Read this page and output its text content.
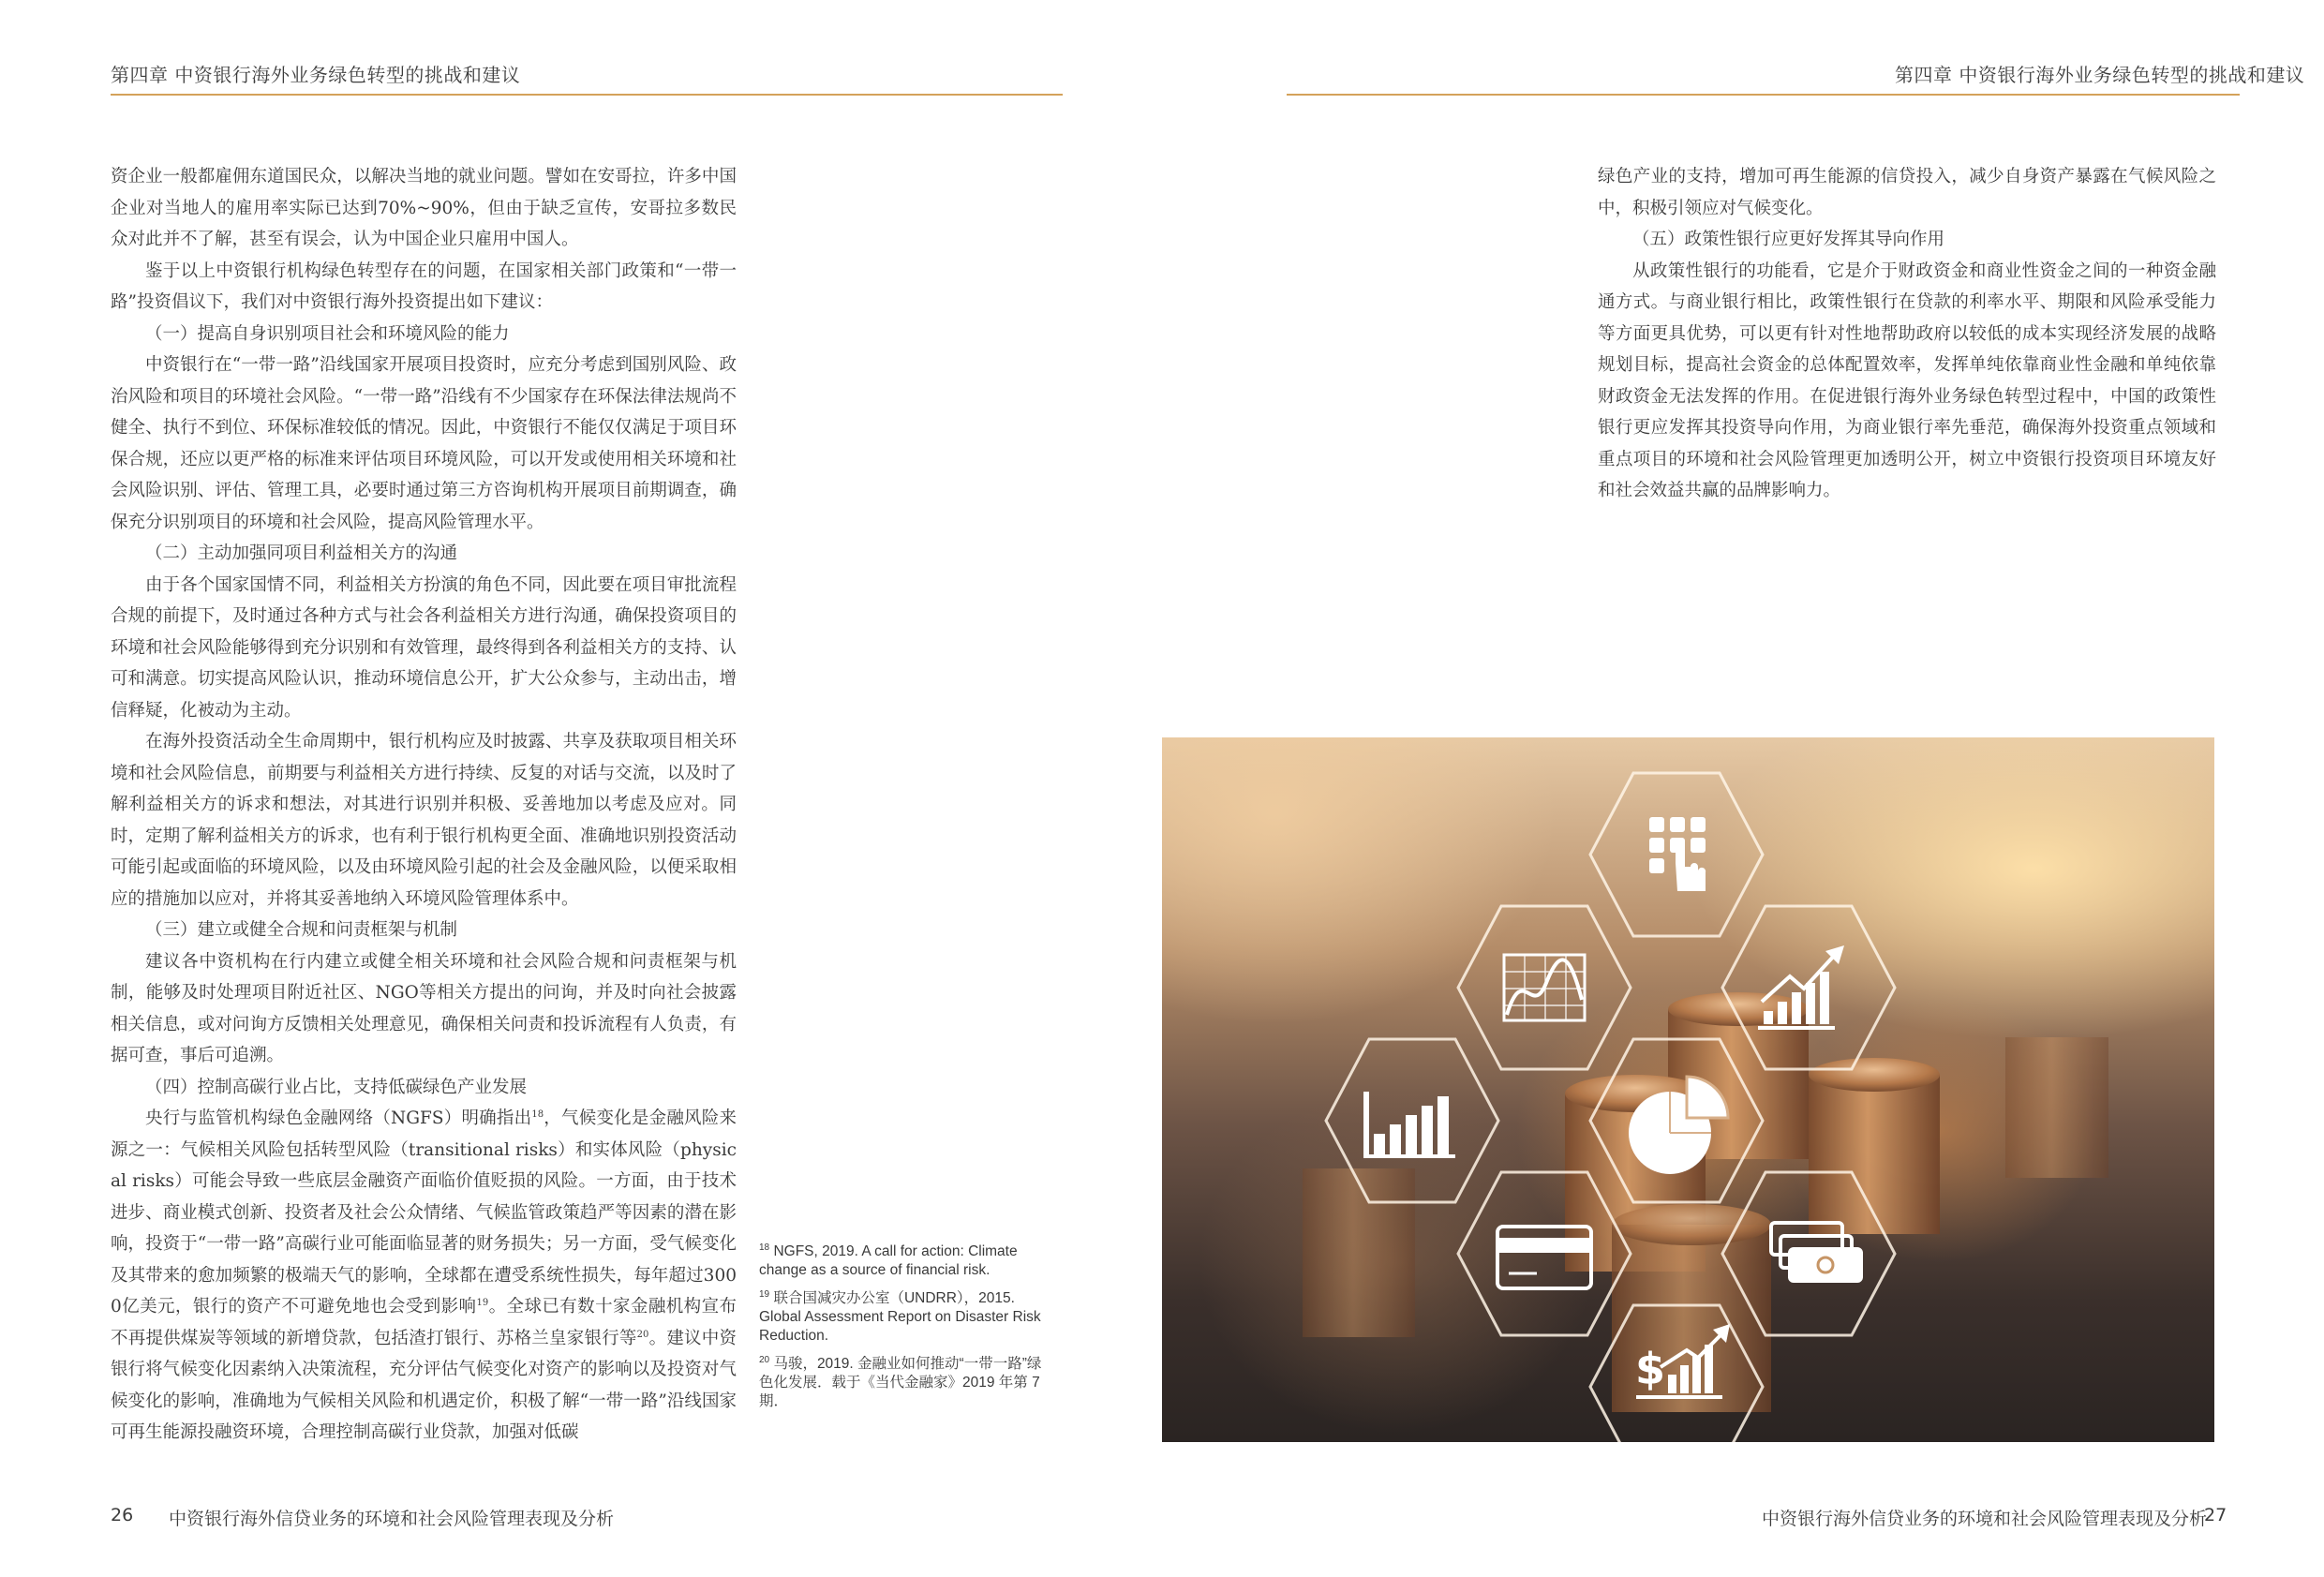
第四章 中资银行海外业务绿色转型的挑战和建议	第四章 中资银行海外业务绿色转型的挑战和建议

资企业一般都雇佣东道国民众，以解决当地的就业问题。譬如在安哥拉，许多中国企业对当地人的雇用率实际已达到70%~90%，但由于缺乏宣传，安哥拉多数民众对此并不了解，甚至有误会，认为中国企业只雇用中国人。

鉴于以上中资银行机构绿色转型存在的问题，在国家相关部门政策和“一带一路”投资倡议下，我们对中资银行海外投资提出如下建议：

（一）提高自身识别项目社会和环境风险的能力

中资银行在“一带一路”沿线国家开展项目投资时，应充分考虑到国别风险、政治风险和项目的环境社会风险。“一带一路”沿线有不少国家存在环保法律法规尚不健全、执行不到位、环保标准较低的情况。因此，中资银行不能仅仅满足于项目环保合规，还应以更严格的标准来评估项目环境风险，可以开发或使用相关环境和社会风险识别、评估、管理工具，必要时通过第三方咨询机构开展项目前期调查，确保充分识别项目的环境和社会风险，提高风险管理水平。

（二）主动加强同项目利益相关方的沟通

由于各个国家国情不同，利益相关方扮演的角色不同，因此要在项目审批流程合规的前提下，及时通过各种方式与社会各利益相关方进行沟通，确保投资项目的环境和社会风险能够得到充分识别和有效管理，最终得到各利益相关方的支持、认可和满意。切实提高风险认识，推动环境信息公开，扩大公众参与，主动出击，增信释疑，化被动为主动。

在海外投资活动全生命周期中，银行机构应及时披露、共享及获取项目相关环境和社会风险信息，前期要与利益相关方进行持续、反复的对话与交流，以及时了解利益相关方的诉求和想法，对其进行识别并积极、妥善地加以考虑及应对。同时，定期了解利益相关方的诉求，也有利于银行机构更全面、准确地识别投资活动可能引起或面临的环境风险，以及由环境风险引起的社会及金融风险，以便采取相应的措施加以应对，并将其妥善地纳入环境风险管理体系中。

（三）建立或健全合规和问责框架与机制

建议各中资机构在行内建立或健全相关环境和社会风险合规和问责框架与机制，能够及时处理项目附近社区、NGO等相关方提出的问询，并及时向社会披露相关信息，或对问询方反馈相关处理意见，确保相关问责和投诉流程有人负责，有据可查，事后可追溯。

（四）控制高碳行业占比，支持低碳绿色产业发展

央行与监管机构绿色金融网络（NGFS）明确指出$^{18}$，气候变化是金融风险来源之一：气候相关风险包括转型风险（transitional risks）和实体风险（physical risks）可能会导致一些底层金融资产面临价值贬损的风险。一方面，由于技术进步、商业模式创新、投资者及社会公众情绪、气候监管政策趋严等因素的潜在影响，投资于“一带一路”高碳行业可能面临显著的财务损失；另一方面，受气候变化及其带来的愈加频繁的极端天气的影响，全球都在遭受系统性损失，每年超过3000亿美元，银行的资产不可避免地也会受到影响$^{19}$。全球已有数十家金融机构宣布不再提供煤炭等领域的新增贷款，包括渣打银行、苏格兰皇家银行等$^{20}$。建议中资银行将气候变化因素纳入决策流程，充分评估气候变化对资产的影响以及投资对气候变化的影响，准确地为气候相关风险和机遇定价，积极了解“一带一路”沿线国家可再生能源投融资环境，合理控制高碳行业贷款，加强对低碳

$^{18}$ NGFS, 2019. A call for action: Climate change as a source of financial risk.

$^{19}$ 联合国减灾办公室（UNDRR），2015. Global Assessment Report on Disaster Risk Reduction.

$^{20}$ 马骏，2019. 金融业如何推动“一带一路”绿色化发展．载于《当代金融家》2019 年第 7 期．

绿色产业的支持，增加可再生能源的信贷投入，减少自身资产暴露在气候风险之中，积极引领应对气候变化。

（五）政策性银行应更好发挥其导向作用

从政策性银行的功能看，它是介于财政资金和商业性资金之间的一种资金融通方式。与商业银行相比，政策性银行在贷款的利率水平、期限和风险承受能力等方面更具优势，可以更有针对性地帮助政府以较低的成本实现经济发展的战略规划目标，提高社会资金的总体配置效率，发挥单纯依靠商业性金融和单纯依靠财政资金无法发挥的作用。在促进银行海外业务绿色转型过程中，中国的政策性银行更应发挥其投资导向作用，为商业银行率先垂范，确保海外投资重点领域和重点项目的环境和社会风险管理更加透明公开，树立中资银行投资项目环境友好和社会效益共赢的品牌影响力。

$
26 中资银行海外信贷业务的环境和社会风险管理表现及分析	中资银行海外信贷业务的环境和社会风险管理表现及分析
27
